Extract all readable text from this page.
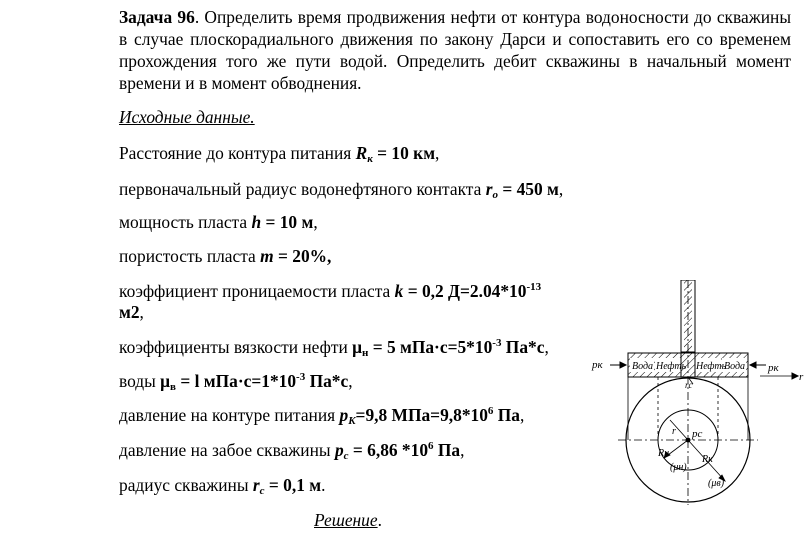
Задача 96. Определить время продвижения нефти от контура водоносности до скважины в случае плоскорадиального движения по закону Дарси и сопоставить его со временем прохождения того же пути водой. Определить дебит скважины в начальный момент времени и в момент обводнения.

Исходные данные.
Расстояние до контура питания $R_к = 10$ км,
первоначальный радиус водонефтяного контакта $r_о = 450$ м,
мощность пласта h = 10 м,
пористость пласта m = 20%,
коэффициент проницаемости пласта k = 0,2 $Д=2.04*10^{-13}$
м2,
коэффициенты вязкости нефти $\mu_н = 5$ $мПа\cdot с=5*10^{-3}$ Па*с,
воды $\mu_в = l$ $мПа\cdot с=1*10^{-3}$ Па*с,
давление на контуре питания $p_K=9,8$ $МПа=9,8*10^6$ Па,
давление на забое скважины $p_c = 6,86$ $*10^6$ Па,
радиус скважины $r_c = 0,1$ м.
Решение.
Вода Нефть Нефть
Вода
rс
pк	pк
r
pс
r
Rн
Rк
(μн)
(μв)
